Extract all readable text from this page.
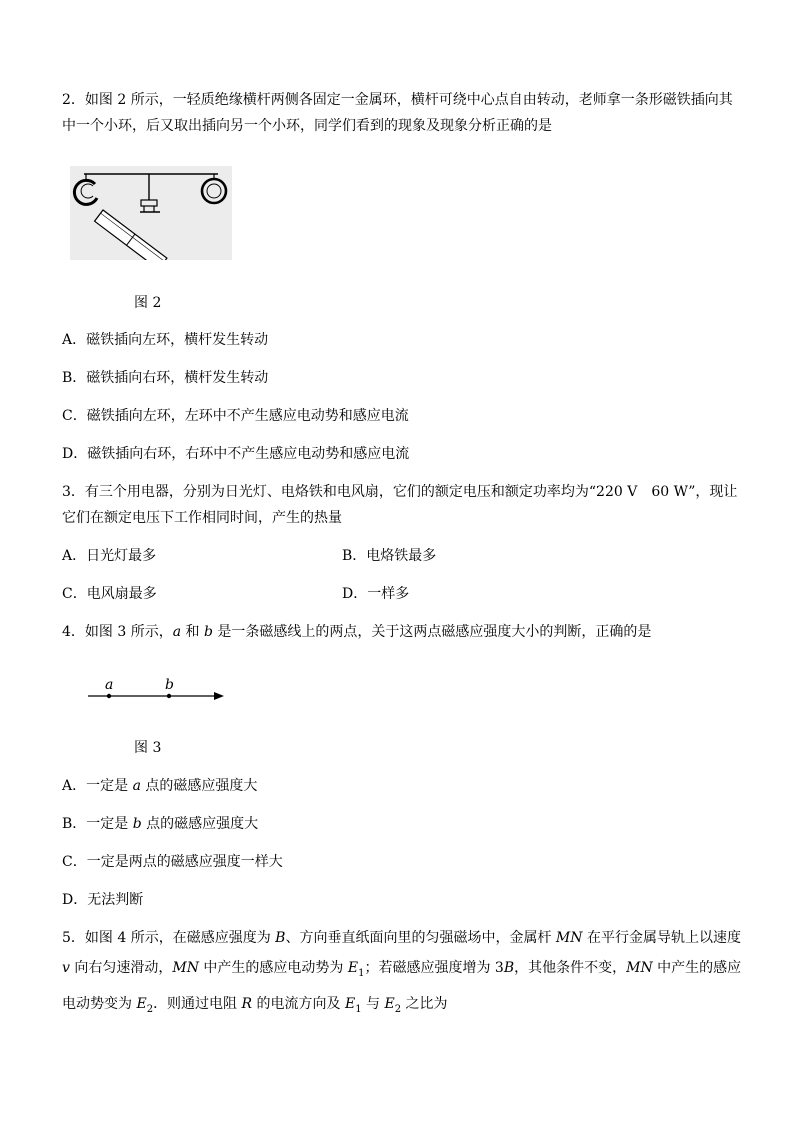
2．如图 2 所示，一轻质绝缘横杆两侧各固定一金属环，横杆可绕中心点自由转动，老师拿一条形磁铁插向其
中一个小环，后又取出插向另一个小环，同学们看到的现象及现象分析正确的是
图 2
A．磁铁插向左环，横杆发生转动
B．磁铁插向右环，横杆发生转动
C．磁铁插向左环，左环中不产生感应电动势和感应电流
D．磁铁插向右环，右环中不产生感应电动势和感应电流
3．有三个用电器，分别为日光灯、电烙铁和电风扇，它们的额定电压和额定功率均为“220 V　60 W”，现让
它们在额定电压下工作相同时间，产生的热量
A．日光灯最多	B．电烙铁最多
C．电风扇最多	D．一样多
4．如图 3 所示，a 和 b 是一条磁感线上的两点，关于这两点磁感应强度大小的判断，正确的是
a	b
图 3
A．一定是 a 点的磁感应强度大
B．一定是 b 点的磁感应强度大
C．一定是两点的磁感应强度一样大
D．无法判断
5．如图 4 所示，在磁感应强度为 B、方向垂直纸面向里的匀强磁场中，金属杆 MN 在平行金属导轨上以速度
v 向右匀速滑动，MN 中产生的感应电动势为 $E_1$；若磁感应强度增为 3B，其他条件不变，MN 中产生的感应
电动势变为 $E_2$．则通过电阻 R 的电流方向及 $E_1$ 与 $E_2$ 之比为
